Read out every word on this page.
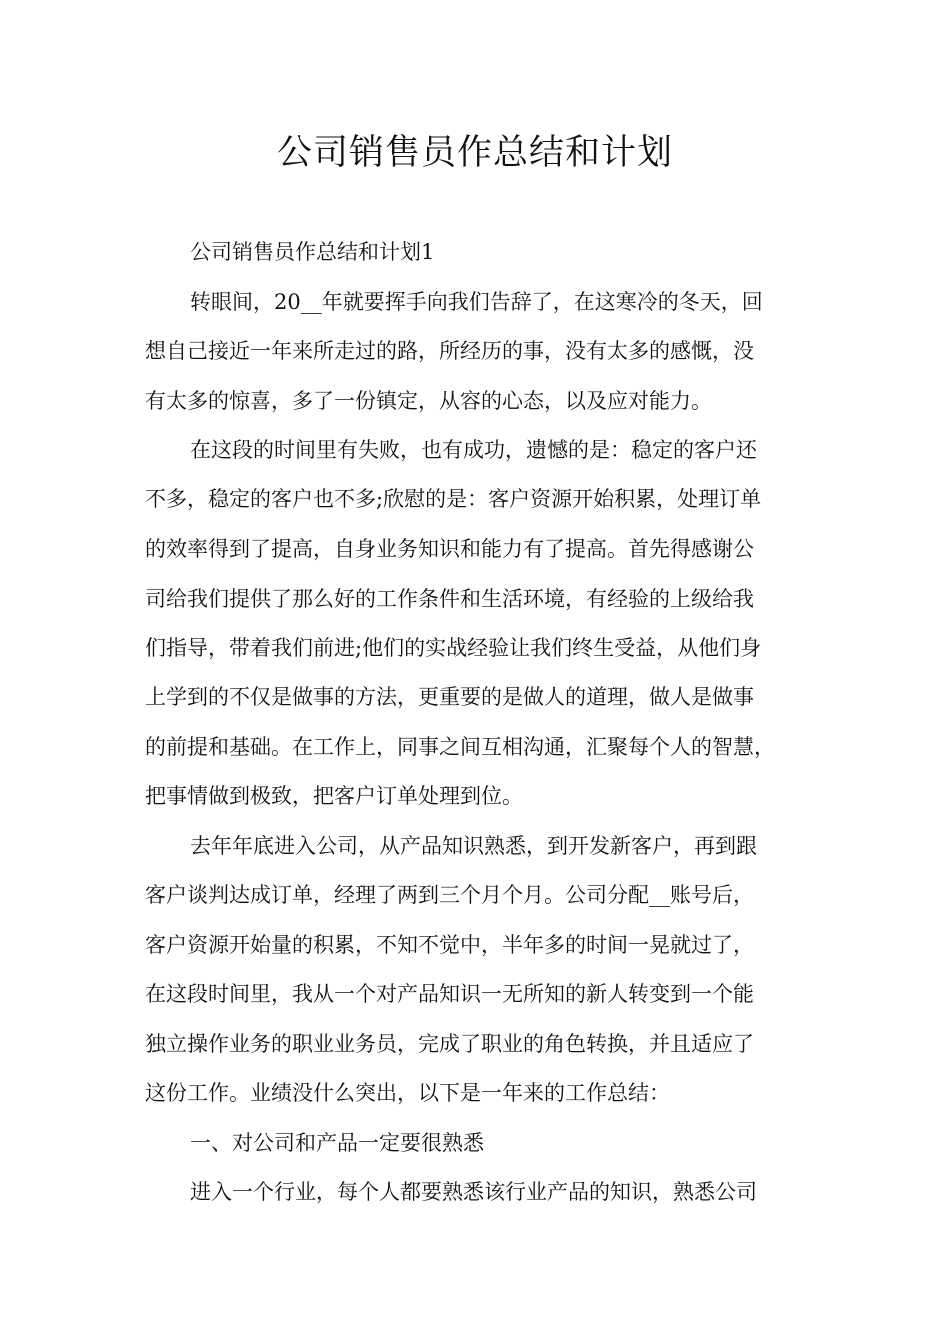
公司销售员作总结和计划
公司销售员作总结和计划1
转眼间，20__年就要挥手向我们告辞了，在这寒冷的冬天，回
想自己接近一年来所走过的路，所经历的事，没有太多的感慨，没
有太多的惊喜，多了一份镇定，从容的心态，以及应对能力。
在这段的时间里有失败，也有成功，遗憾的是：稳定的客户还
不多，稳定的客户也不多;欣慰的是：客户资源开始积累，处理订单
的效率得到了提高，自身业务知识和能力有了提高。首先得感谢公
司给我们提供了那么好的工作条件和生活环境，有经验的上级给我
们指导，带着我们前进;他们的实战经验让我们终生受益，从他们身
上学到的不仅是做事的方法，更重要的是做人的道理，做人是做事
的前提和基础。在工作上，同事之间互相沟通，汇聚每个人的智慧，
把事情做到极致，把客户订单处理到位。
去年年底进入公司，从产品知识熟悉，到开发新客户，再到跟
客户谈判达成订单，经理了两到三个月个月。公司分配__账号后，
客户资源开始量的积累，不知不觉中，半年多的时间一晃就过了，
在这段时间里，我从一个对产品知识一无所知的新人转变到一个能
独立操作业务的职业业务员，完成了职业的角色转换，并且适应了
这份工作。业绩没什么突出，以下是一年来的工作总结：
一、对公司和产品一定要很熟悉
进入一个行业，每个人都要熟悉该行业产品的知识，熟悉公司
